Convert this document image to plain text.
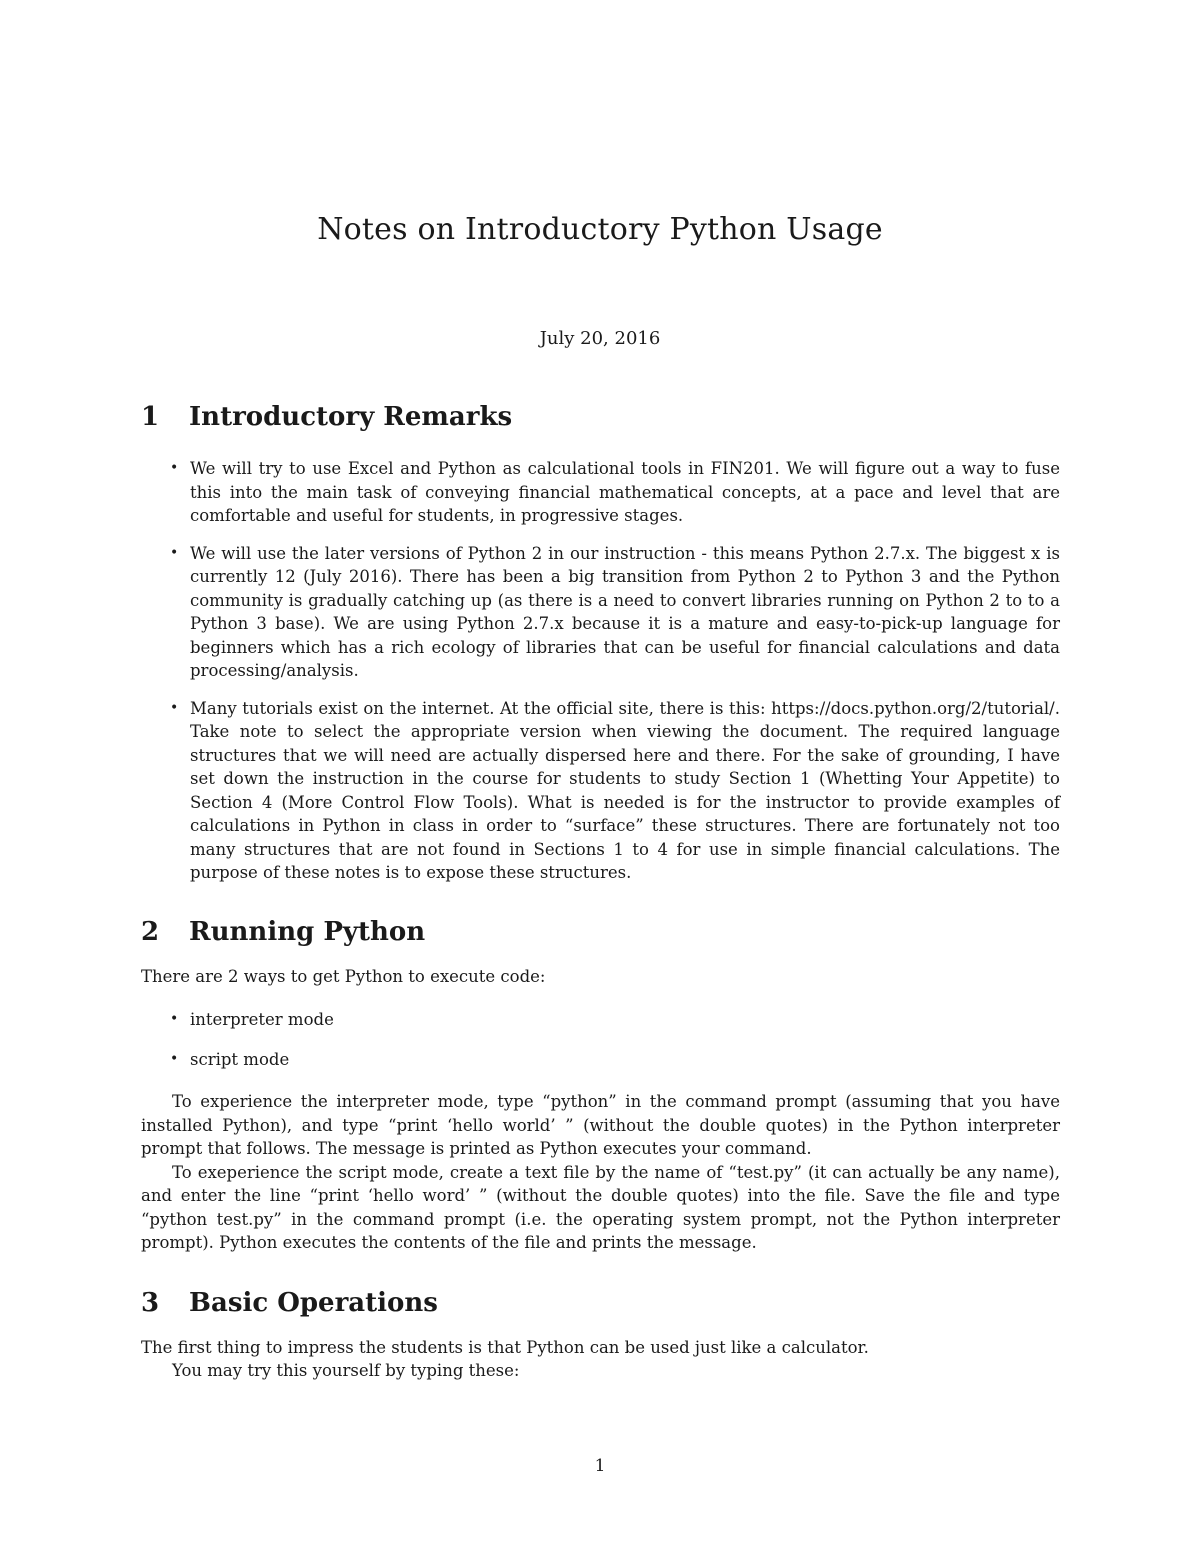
Notes on Introductory Python Usage
July 20, 2016
1	Introductory Remarks
• We will try to use Excel and Python as calculational tools in FIN201. We will figure out a way to fuse this into the main task of conveying financial mathematical concepts, at a pace and level that are comfortable and useful for students, in progressive stages.
• We will use the later versions of Python 2 in our instruction - this means Python 2.7.x. The biggest x is currently 12 (July 2016). There has been a big transition from Python 2 to Python 3 and the Python community is gradually catching up (as there is a need to convert libraries running on Python 2 to to a Python 3 base). We are using Python 2.7.x because it is a mature and easy-to-pick-up language for beginners which has a rich ecology of libraries that can be useful for financial calculations and data processing/analysis.
• Many tutorials exist on the internet. At the official site, there is this: https://docs.python.org/2/tutorial/. Take note to select the appropriate version when viewing the document. The required language structures that we will need are actually dispersed here and there. For the sake of grounding, I have set down the instruction in the course for students to study Section 1 (Whetting Your Appetite) to Section 4 (More Control Flow Tools). What is needed is for the instructor to provide examples of calculations in Python in class in order to “surface” these structures. There are fortunately not too many structures that are not found in Sections 1 to 4 for use in simple financial calculations. The purpose of these notes is to expose these structures.
2	Running Python

There are 2 ways to get Python to execute code:

• interpreter mode
• script mode

To experience the interpreter mode, type “python” in the command prompt (assuming that you have installed Python), and type “print ‘hello world’ ” (without the double quotes) in the Python interpreter prompt that follows. The message is printed as Python executes your command.

To exeperience the script mode, create a text file by the name of “test.py” (it can actually be any name), and enter the line “print ‘hello word’ ” (without the double quotes) into the file. Save the file and type “python test.py” in the command prompt (i.e. the operating system prompt, not the Python interpreter prompt). Python executes the contents of the file and prints the message.

3	Basic Operations

The first thing to impress the students is that Python can be used just like a calculator.

You may try this yourself by typing these:

1
